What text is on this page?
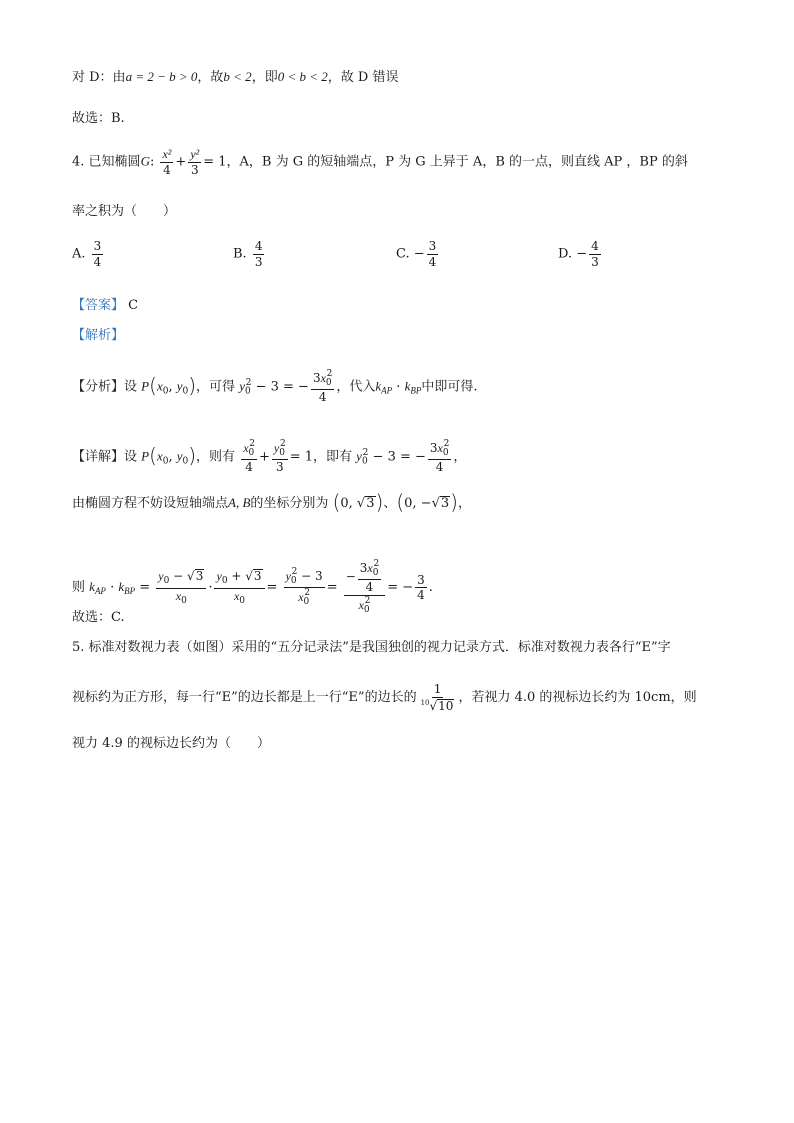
对 D：由a = 2 − b > 0，故b < 2，即0 < b < 2，故 D 错误
故选：B.
4. 已知椭圆G: $\frac{\text{x²}}{4} + \frac{\text{y²}}{3} = 1$，A，B 为 G 的短轴端点，P 为 G 上异于 A，B 的一点，则直线 AP ，BP 的斜
率之积为（　　）
A. $\frac{3}{4}$	B. $\frac{4}{3}$	C. − $\frac{3}{4}$	D. − $\frac{4}{3}$
【答案】 C
【解析】
【分析】设 $P(x_0$, $y_0$)，可得 $y_0^2 - 3$ = − $\frac{3x_0^2}{4}$ ，代入$k_{AP} \cdot k_{BP}$中即可得.
【详解】设 $P(x_0$, $y_0$)，则有 $\frac{x_0^2}{4} + \frac{y_0^2}{3} = 1$，即有 $y_0^2 - 3$ = − $\frac{3x_0^2}{4}$ ，
由椭圆方程不妨设短轴端点A, B的坐标分别为 (0, √3)、(0, −√3)，
则 $k_{AP} \cdot k_{BP} = \frac{y_0 - √3}{x_0} \cdot \frac{y_0 + √3}{x_0} = \frac{y_0^2 - 3}{x_0^2} = \frac{- \frac{3x_0^2}{4}}{x_0^2}$ = − $\frac{3}{4}$ .
故选：C.
5. 标准对数视力表（如图）采用的“五分记录法”是我国独创的视力记录方式．标准对数视力表各行“E”字
视标约为正方形，每一行“E”的边长都是上一行“E”的边长的 $\frac{1}{^{10}√10}$ ，若视力 4.0 的视标边长约为 10cm，则
视力 4.9 的视标边长约为（　　）
